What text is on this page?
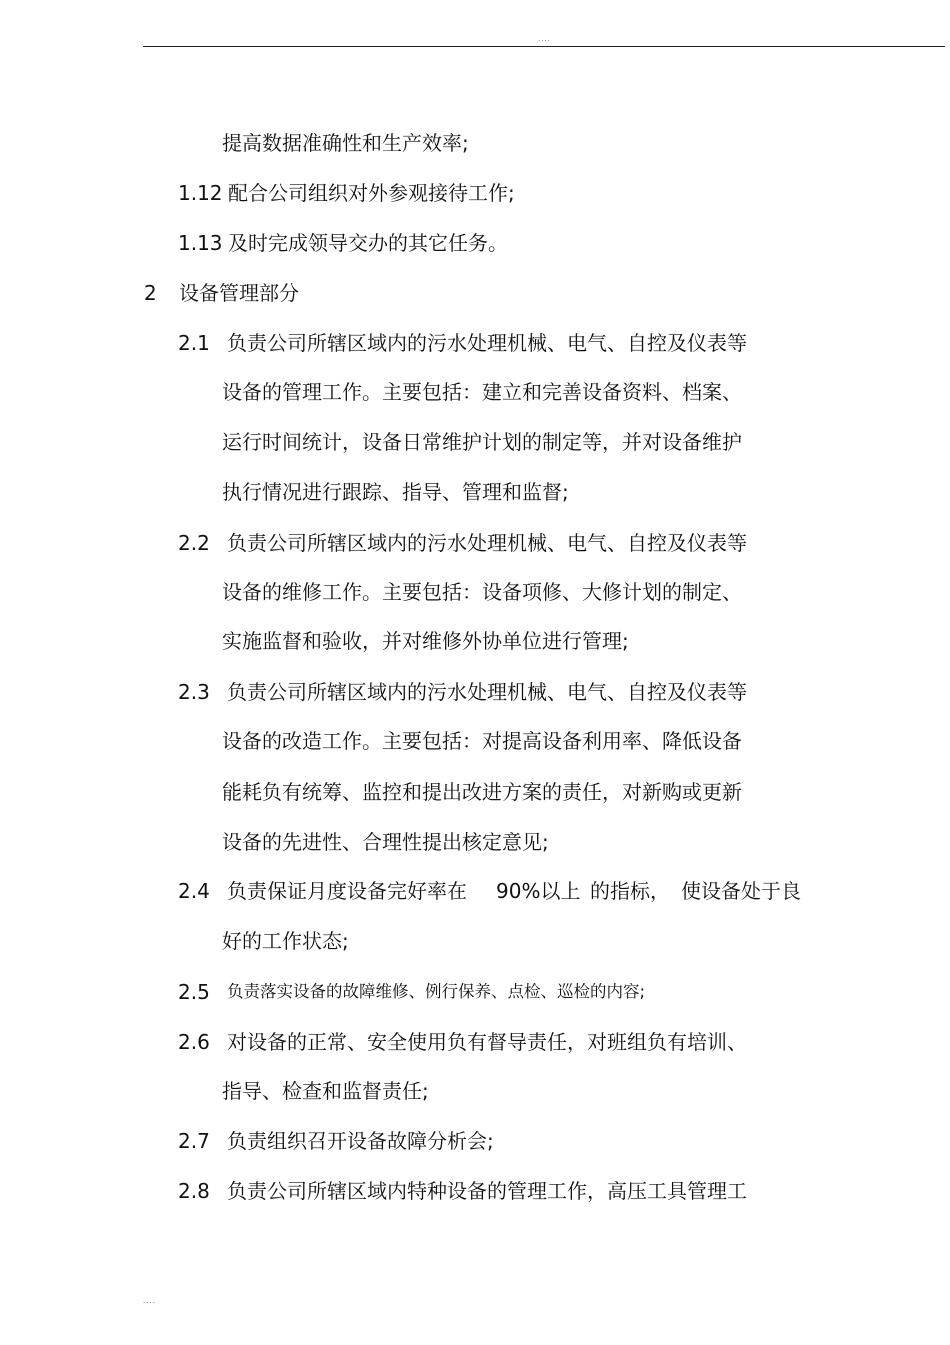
....
提高数据准确性和生产效率;
1.12 配合公司组织对外参观接待工作;
1.13 及时完成领导交办的其它任务。
2 设备管理部分
2.1 负责公司所辖区域内的污水处理机械、电气、自控及仪表等
设备的管理工作。主要包括：建立和完善设备资料、档案、
运行时间统计，设备日常维护计划的制定等，并对设备维护
执行情况进行跟踪、指导、管理和监督;
2.2 负责公司所辖区域内的污水处理机械、电气、自控及仪表等
设备的维修工作。主要包括：设备项修、大修计划的制定、
实施监督和验收，并对维修外协单位进行管理;
2.3 负责公司所辖区域内的污水处理机械、电气、自控及仪表等
设备的改造工作。主要包括：对提高设备利用率、降低设备
能耗负有统筹、监控和提出改进方案的责任，对新购或更新
设备的先进性、合理性提出核定意见;
2.4 负责保证月度设备完好率在 90%以上 的指标， 使设备处于良
好的工作状态;
2.5 负责落实设备的故障维修、例行保养、点检、巡检的内容;
2.6 对设备的正常、安全使用负有督导责任，对班组负有培训、
指导、检查和监督责任;
2.7 负责组织召开设备故障分析会;
2.8 负责公司所辖区域内特种设备的管理工作，高压工具管理工
....
